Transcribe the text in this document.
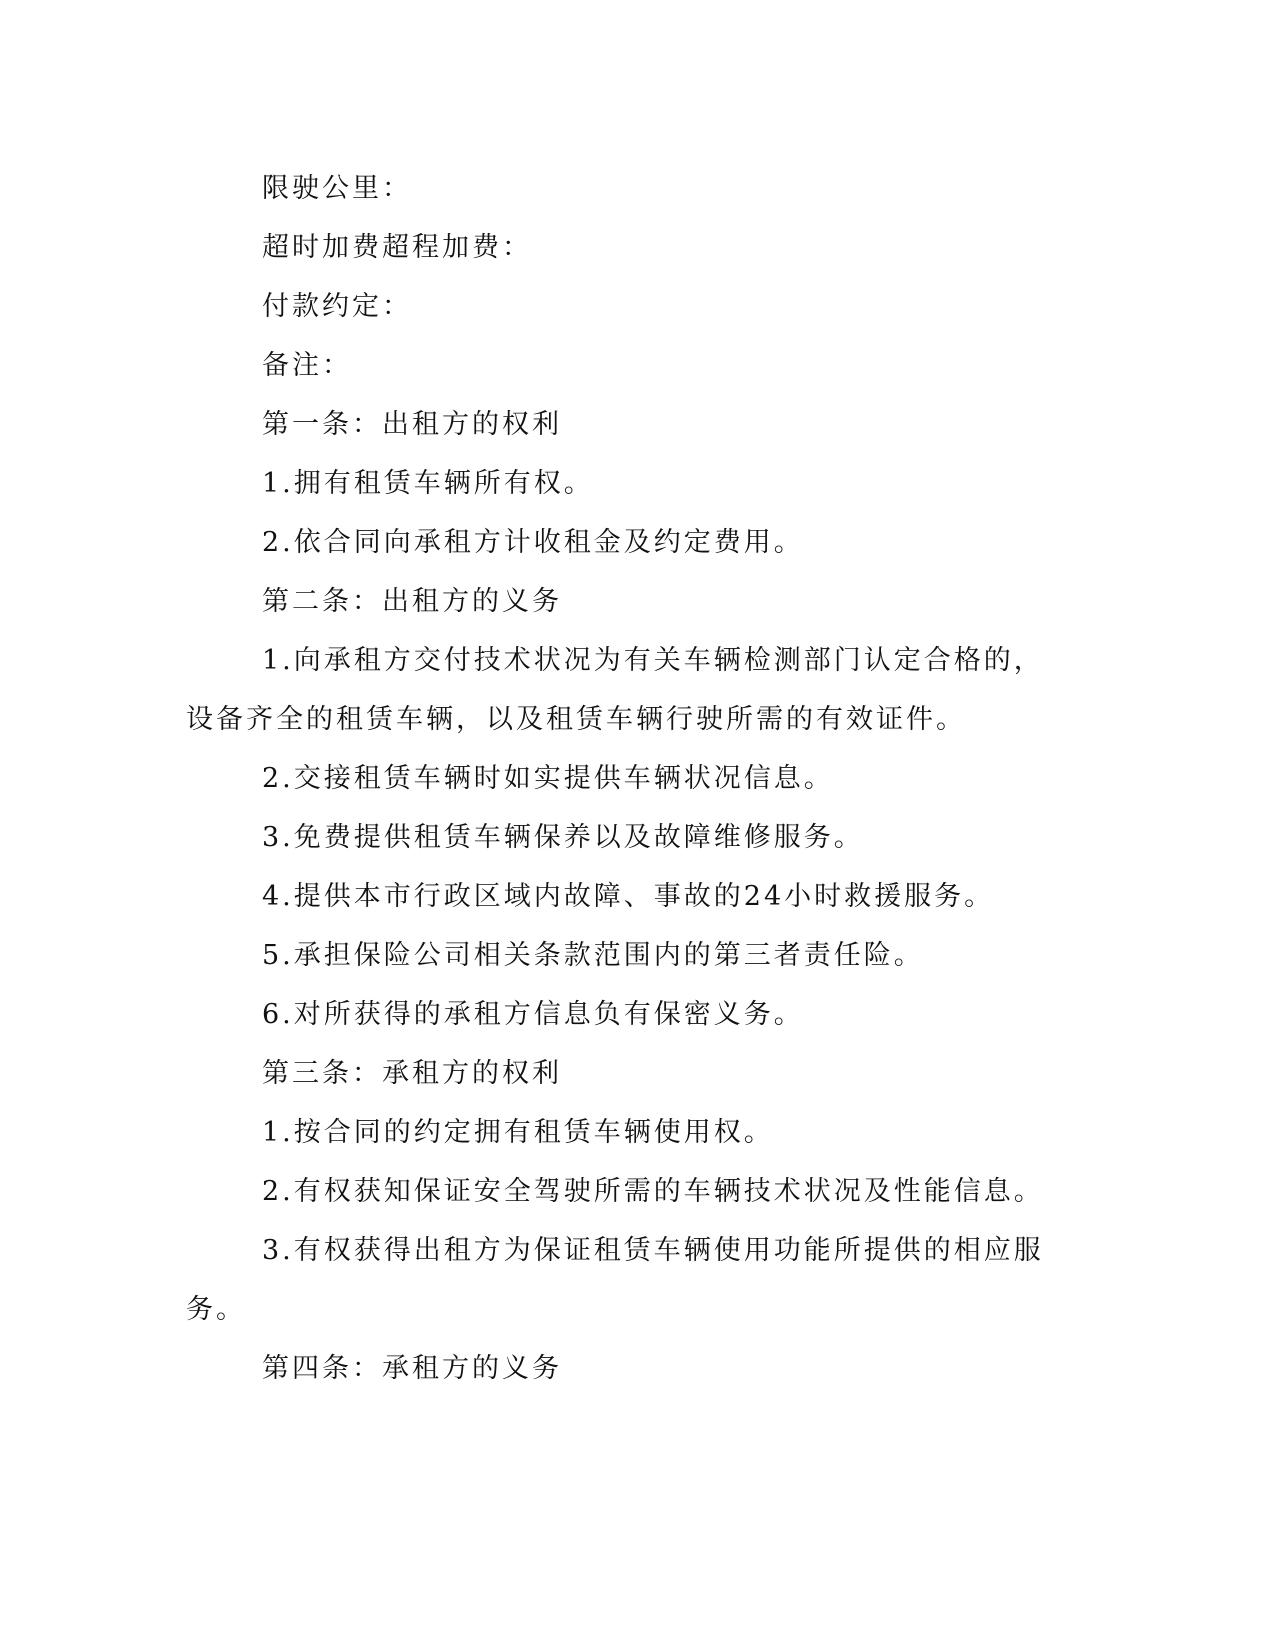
限驶公里：

超时加费超程加费：

付款约定：

备注：

第一条：出租方的权利

1.拥有租赁车辆所有权。

2.依合同向承租方计收租金及约定费用。

第二条：出租方的义务

1.向承租方交付技术状况为有关车辆检测部门认定合格的，设备齐全的租赁车辆，以及租赁车辆行驶所需的有效证件。

2.交接租赁车辆时如实提供车辆状况信息。

3.免费提供租赁车辆保养以及故障维修服务。

4.提供本市行政区域内故障、事故的24小时救援服务。

5.承担保险公司相关条款范围内的第三者责任险。

6.对所获得的承租方信息负有保密义务。

第三条：承租方的权利

1.按合同的约定拥有租赁车辆使用权。

2.有权获知保证安全驾驶所需的车辆技术状况及性能信息。

3.有权获得出租方为保证租赁车辆使用功能所提供的相应服务。

第四条：承租方的义务
